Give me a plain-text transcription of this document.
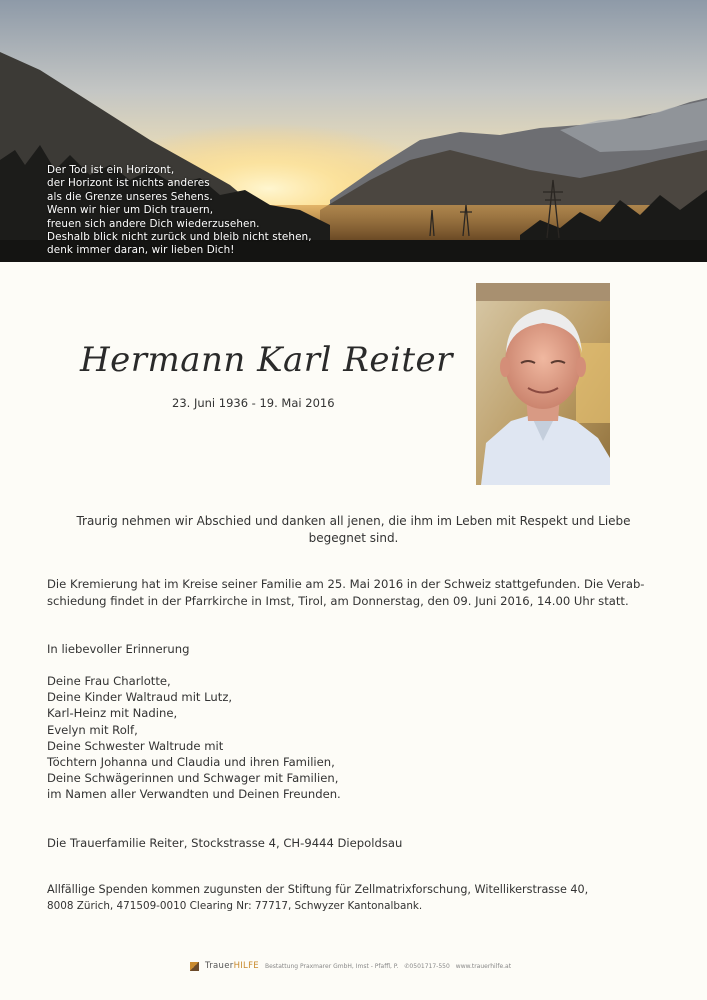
Der Tod ist ein Horizont,
der Horizont ist nichts anderes
als die Grenze unseres Sehens.
Wenn wir hier um Dich trauern,
freuen sich andere Dich wiederzusehen.
Deshalb blick nicht zurück und bleib nicht stehen,
denk immer daran, wir lieben Dich!
Hermann Karl Reiter
23. Juni 1936 - 19. Mai 2016
Traurig nehmen wir Abschied und danken all jenen, die ihm im Leben mit Respekt und Liebe begegnet sind.
Die Kremierung hat im Kreise seiner Familie am 25. Mai 2016 in der Schweiz stattgefunden. Die Verab-
schiedung findet in der Pfarrkirche in Imst, Tirol, am Donnerstag, den 09. Juni 2016, 14.00 Uhr statt.
In liebevoller Erinnerung
Deine Frau Charlotte,
Deine Kinder Waltraud mit Lutz,
Karl-Heinz mit Nadine,
Evelyn mit Rolf,
Deine Schwester Waltrude mit
Töchtern Johanna und Claudia und ihren Familien,
Deine Schwägerinnen und Schwager mit Familien,
im Namen aller Verwandten und Deinen Freunden.
Die Trauerfamilie Reiter, Stockstrasse 4, CH-9444 Diepoldsau
Allfällige Spenden kommen zugunsten der Stiftung für Zellmatrixforschung, Witellikerstrasse 40,
8008 Zürich, 471509-0010 Clearing Nr: 77717, Schwyzer Kantonalbank.
TrauerHILFE Bestattung Praxmarer GmbH, Imst - Pfaffl, P. ✆0501717-550 www.trauerhilfe.at
